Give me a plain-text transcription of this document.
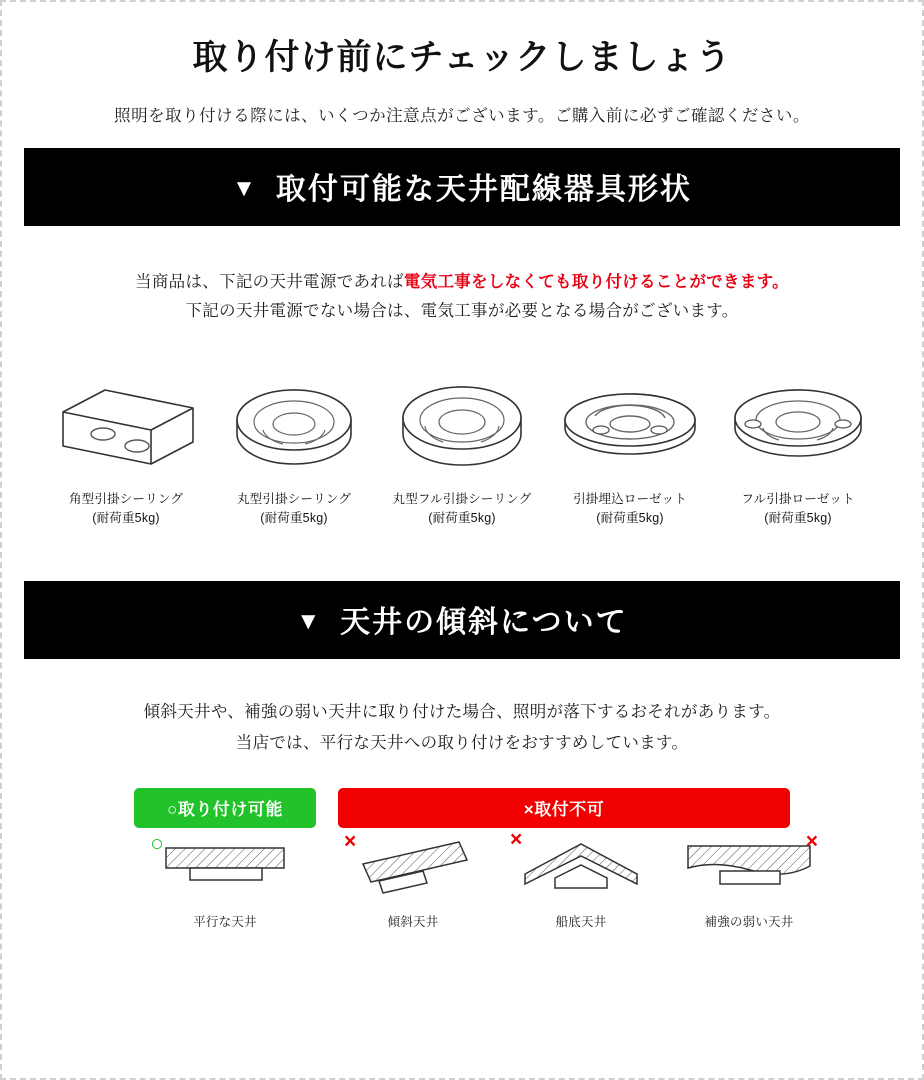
取り付け前にチェックしましょう

照明を取り付ける際には、いくつか注意点がございます。ご購入前に必ずご確認ください。

▼ 取付可能な天井配線器具形状
当商品は、下記の天井電源であれば電気工事をしなくても取り付けることができます。
下記の天井電源でない場合は、電気工事が必要となる場合がございます。
角型引掛シーリング
(耐荷重5kg)
丸型引掛シーリング
(耐荷重5kg)
丸型フル引掛シーリング
(耐荷重5kg)
引掛埋込ローゼット
(耐荷重5kg)
フル引掛ローゼット
(耐荷重5kg)
▼ 天井の傾斜について
傾斜天井や、補強の弱い天井に取り付けた場合、照明が落下するおそれがあります。
当店では、平行な天井への取り付けをおすすめしています。
○取り付け可能	×取付不可
○
平行な天井
×
傾斜天井
×
船底天井
×
補強の弱い天井
